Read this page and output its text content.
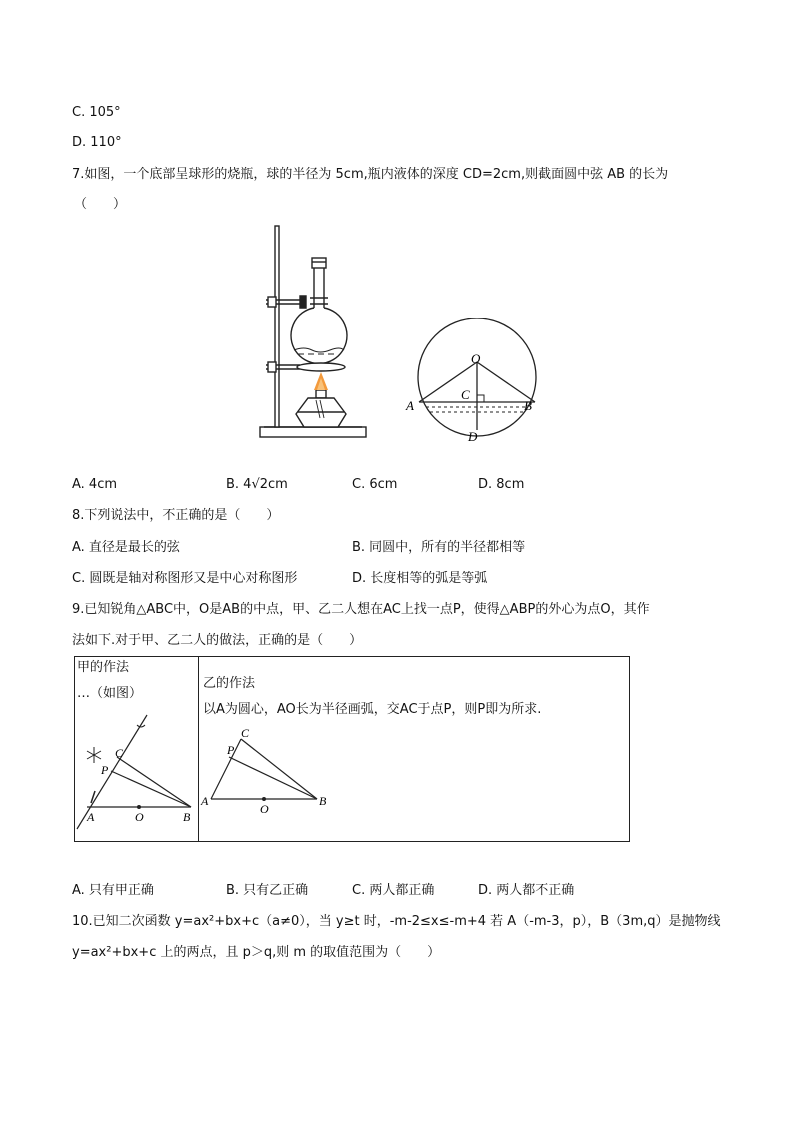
C. 105°
D. 110°
7.如图，一个底部呈球形的烧瓶，球的半径为 5cm,瓶内液体的深度 CD=2cm,则截面圆中弦 AB 的长为
（　　）
O
C
A	B
D
A. 4cm	B. 4√2cm	C. 6cm	D. 8cm
8.下列说法中，不正确的是（　　）
A. 直径是最长的弦	B. 同圆中，所有的半径都相等
C. 圆既是轴对称图形又是中心对称图形	D. 长度相等的弧是等弧
9.已知锐角△ABC中，O是AB的中点，甲、乙二人想在AC上找一点P，使得△ABP的外心为点O，其作
法如下.对于甲、乙二人的做法，正确的是（　　）
甲的作法
…（如图）
乙的作法
以A为圆心，AO长为半径画弧，交AC于点P，则P即为所求.
C
P
A	O	B
C
P
A
O
B
A. 只有甲正确	B. 只有乙正确	C. 两人都正确	D. 两人都不正确
10.已知二次函数 y=ax²+bx+c（a≠0），当 y≥t 时，-m-2≤x≤-m+4 若 A（-m-3，p），B（3m,q）是抛物线
y=ax²+bx+c 上的两点，且 p＞q,则 m 的取值范围为（　　）
